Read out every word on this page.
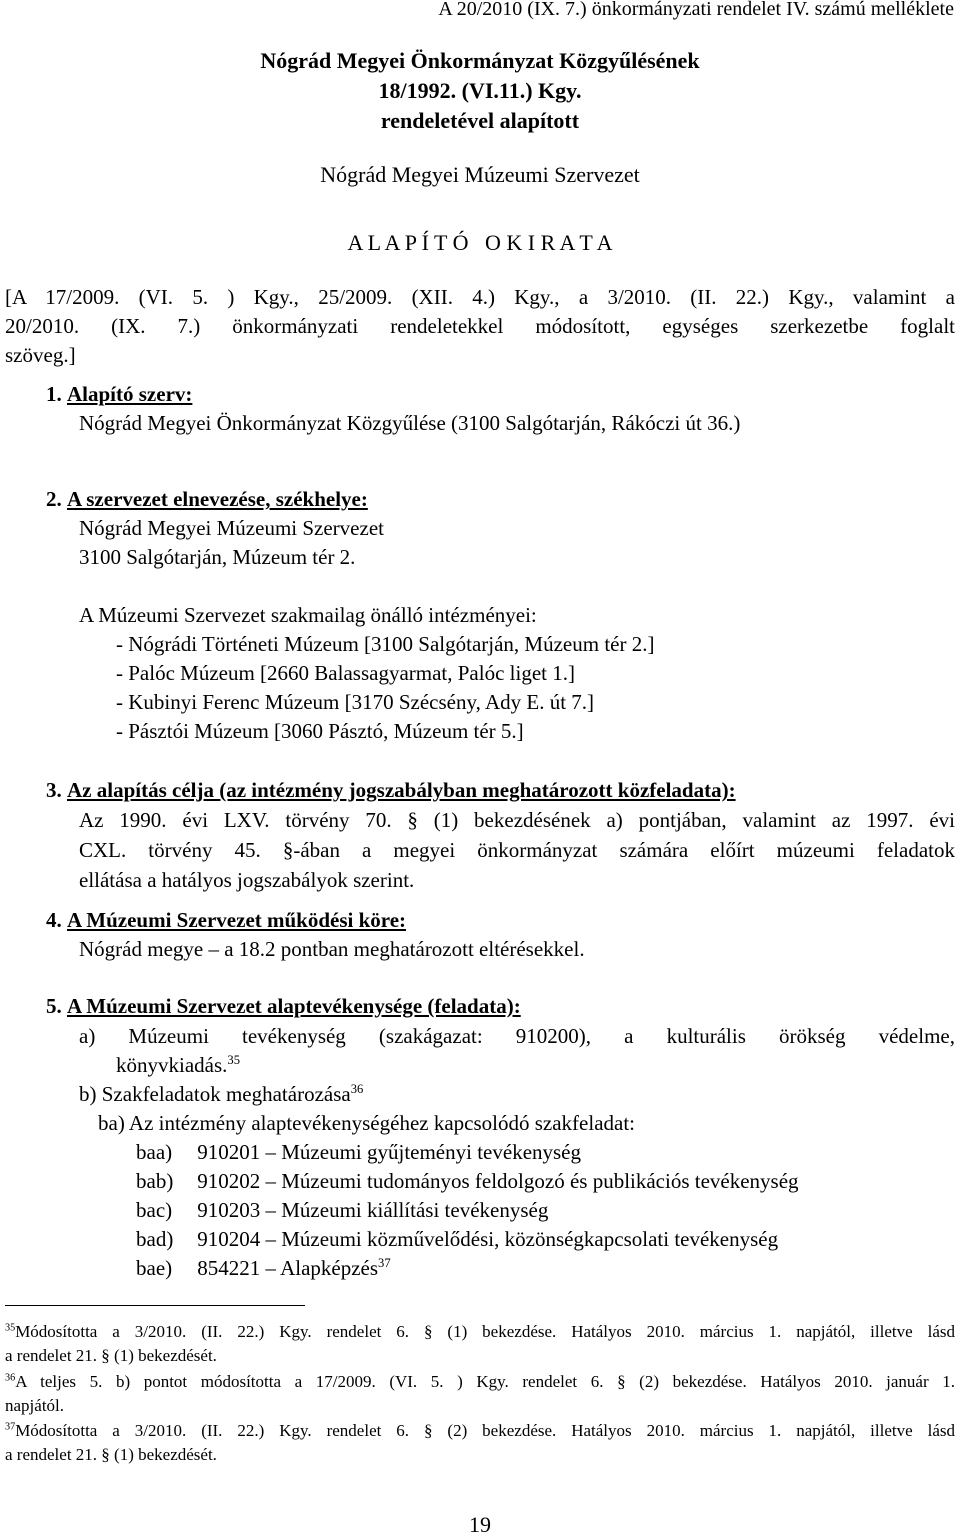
A 20/2010 (IX. 7.) önkormányzati rendelet IV. számú melléklete
Nógrád Megyei Önkormányzat Közgyűlésének
18/1992. (VI.11.) Kgy.
rendeletével alapított
Nógrád Megyei Múzeumi Szervezet
A L A P Í T Ó   O K I R A T A
[A 17/2009. (VI. 5. ) Kgy., 25/2009. (XII. 4.) Kgy., a 3/2010. (II. 22.) Kgy., valamint a
20/2010. (IX. 7.) önkormányzati rendeletekkel módosított, egységes szerkezetbe foglalt
szöveg.]
1. Alapító szerv:
Nógrád Megyei Önkormányzat Közgyűlése (3100 Salgótarján, Rákóczi út 36.)
2. A szervezet elnevezése, székhelye:
Nógrád Megyei Múzeumi Szervezet
3100 Salgótarján, Múzeum tér 2.
A Múzeumi Szervezet szakmailag önálló intézményei:
- Nógrádi Történeti Múzeum [3100 Salgótarján, Múzeum tér 2.]
- Palóc Múzeum [2660 Balassagyarmat, Palóc liget 1.]
- Kubinyi Ferenc Múzeum [3170 Szécsény, Ady E. út 7.]
- Pásztói Múzeum [3060 Pásztó, Múzeum tér 5.]
3. Az alapítás célja (az intézmény jogszabályban meghatározott közfeladata):
Az 1990. évi LXV. törvény 70. § (1) bekezdésének a) pontjában, valamint az 1997. évi
CXL. törvény 45. §-ában a megyei önkormányzat számára előírt múzeumi feladatok
ellátása a hatályos jogszabályok szerint.
4. A Múzeumi Szervezet működési köre:
Nógrád megye – a 18.2 pontban meghatározott eltérésekkel.
5. A Múzeumi Szervezet alaptevékenysége (feladata):
a) Múzeumi tevékenység (szakágazat: 910200), a kulturális örökség védelme,
könyvkiadás.$^{35}$
b) Szakfeladatok meghatározása$^{36}$
ba) Az intézmény alaptevékenységéhez kapcsolódó szakfeladat:
baa) 910201 – Múzeumi gyűjteményi tevékenység
bab) 910202 – Múzeumi tudományos feldolgozó és publikációs tevékenység
bac) 910203 – Múzeumi kiállítási tevékenység
bad) 910204 – Múzeumi közművelődési, közönségkapcsolati tevékenység
bae) 854221 – Alapképzés$^{37}$
$^{35}$Módosította a 3/2010. (II. 22.) Kgy. rendelet 6. § (1) bekezdése. Hatályos 2010. március 1. napjától, illetve lásd
a rendelet 21. § (1) bekezdését.
$^{36}$A teljes 5. b) pontot módosította a 17/2009. (VI. 5. ) Kgy. rendelet 6. § (2) bekezdése. Hatályos 2010. január 1.
napjától.
$^{37}$Módosította a 3/2010. (II. 22.) Kgy. rendelet 6. § (2) bekezdése. Hatályos 2010. március 1. napjától, illetve lásd
a rendelet 21. § (1) bekezdését.
19
